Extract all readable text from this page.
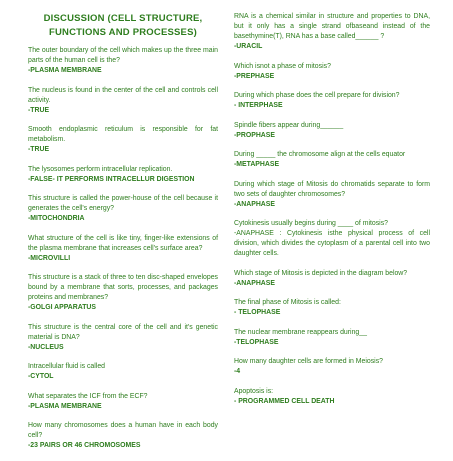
DISCUSSION (CELL STRUCTURE,
FUNCTIONS AND PROCESSES)
The outer boundary of the cell which makes up the three main parts of the human cell is the?
-PLASMA MEMBRANE
The nucleus is found in the center of the cell and controls cell activity.
-TRUE
Smooth endoplasmic reticulum is responsible for fat metabolism.
-TRUE
The lysosomes perform intracellular replication.
-FALSE- IT PERFORMS INTRACELLUR DIGESTION
This structure is called the power-house of the cell because it generates the cell's energy?
-MITOCHONDRIA
What structure of the cell is like tiny, finger-like extensions of the plasma membrane that increases cell's surface area?
-MICROVILLI
This structure is a stack of three to ten disc-shaped envelopes bound by a membrane that sorts, processes, and packages proteins and membranes?
-GOLGI APPARATUS
This structure is the central core of the cell and it's genetic material is DNA?
-NUCLEUS
Intracellular fluid is called
-CYTOL
What separates the ICF from the ECF?
-PLASMA MEMBRANE
How many chromosomes does a human have in each body cell?
-23 PAIRS OR 46 CHROMOSOMES
RNA is a chemical similar in structure and properties to DNA, but it only has a single strand ofbaseand instead of the basethymine(T), RNA has a base called______ ?
-URACIL
Which isnot a phase of mitosis?
-PREPHASE
During which phase does the cell prepare for division?
- INTERPHASE
Spindle fibers appear during______
-PROPHASE
During _____ the chromosome align at the cells equator
-METAPHASE
During which stage of Mitosis do chromatids separate to form two sets of daughter chromosomes?
-ANAPHASE
Cytokinesis usually begins during ____ of mitosis?
-ANAPHASE : Cytokinesis isthe physical process of cell division, which divides the cytoplasm of a parental cell into two daughter cells.
Which stage of Mitosis is depicted in the diagram below?
-ANAPHASE
The final phase of Mitosis is called:
- TELOPHASE
The nuclear membrane reappears during__
-TELOPHASE
How many daughter cells are formed in Meiosis?
-4
Apoptosis is:
- PROGRAMMED CELL DEATH
